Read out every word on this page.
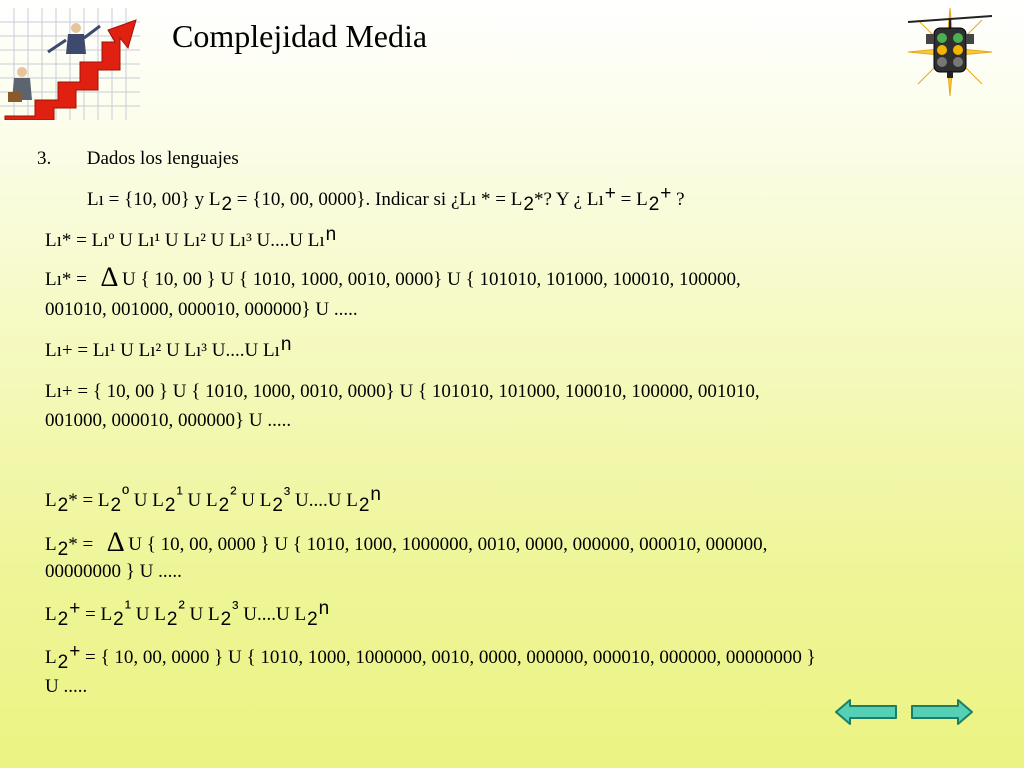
Complejidad Media
3. Dados los lenguajes
Lı = {10, 00} y L2 = {10, 00, 0000}. Indicar si ¿Lı * = L2*? Y ¿ Lı+ = L2+ ?
Lı* = Lıº U Lı¹ U Lı² U Lı³ U....U Lın
Lı* = ∆ U { 10, 00 } U { 1010, 1000, 0010, 0000} U { 101010, 101000, 100010, 100000,
001010, 001000, 000010, 000000} U .....
Lı+ = Lı¹ U Lı² U Lı³ U....U Lın
Lı+ = { 10, 00 } U { 1010, 1000, 0010, 0000} U { 101010, 101000, 100010, 100000, 001010,
001000, 000010, 000000} U .....
L2* = L2º U L2¹ U L2² U L2³ U....U L2n
L2* = ∆ U { 10, 00, 0000 } U { 1010, 1000, 1000000, 0010, 0000, 000000, 000010, 000000,
00000000 } U .....
L2+ = L2¹ U L2² U L2³ U....U L2n
L2+ = { 10, 00, 0000 } U { 1010, 1000, 1000000, 0010, 0000, 000000, 000010, 000000, 00000000 }
U .....
